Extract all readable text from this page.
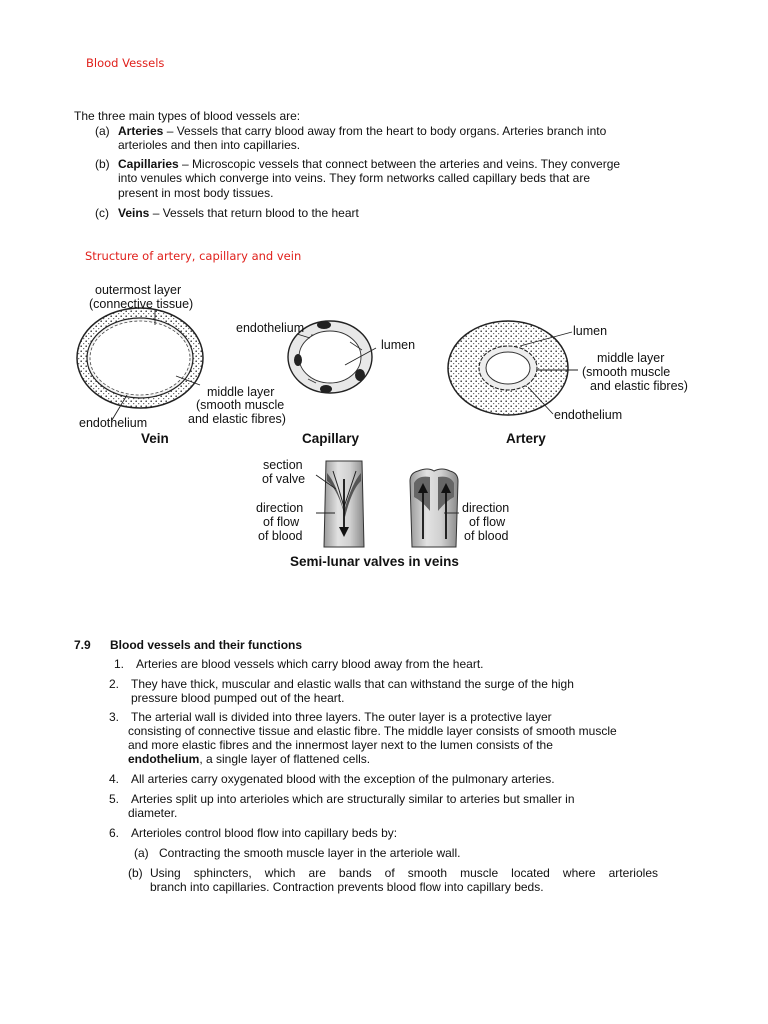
Blood Vessels
The three main types of blood vessels are:
(a) Arteries – Vessels that carry blood away from the heart to body organs. Arteries branch into
arterioles and then into capillaries.
(b) Capillaries – Microscopic vessels that connect between the arteries and veins. They converge
into venules which converge into veins. They form networks called capillary beds that are
present in most body tissues.
(c) Veins – Vessels that return blood to the heart
Structure of artery, capillary and vein
outermost layer
(connective tissue)
middle layer
(smooth muscle
and elastic fibres)
endothelium
Vein
endothelium
lumen
Capillary
lumen
middle layer
(smooth muscle
and elastic fibres)
endothelium
Artery
section
of valve
direction
of flow
of blood
direction
of flow
of blood
Semi-lunar valves in veins
7.9 Blood vessels and their functions
1. Arteries are blood vessels which carry blood away from the heart.
2. They have thick, muscular and elastic walls that can withstand the surge of the high
pressure blood pumped out of the heart.
3. The arterial wall is divided into three layers. The outer layer is a protective layer
consisting of connective tissue and elastic fibre. The middle layer consists of smooth muscle
and more elastic fibres and the innermost layer next to the lumen consists of the
endothelium, a single layer of flattened cells.
4. All arteries carry oxygenated blood with the exception of the pulmonary arteries.
5. Arteries split up into arterioles which are structurally similar to arteries but smaller in
diameter.
6. Arterioles control blood flow into capillary beds by:
(a) Contracting the smooth muscle layer in the arteriole wall.
(b) Using sphincters, which are bands of smooth muscle located where arterioles
branch into capillaries. Contraction prevents blood flow into capillary beds.
